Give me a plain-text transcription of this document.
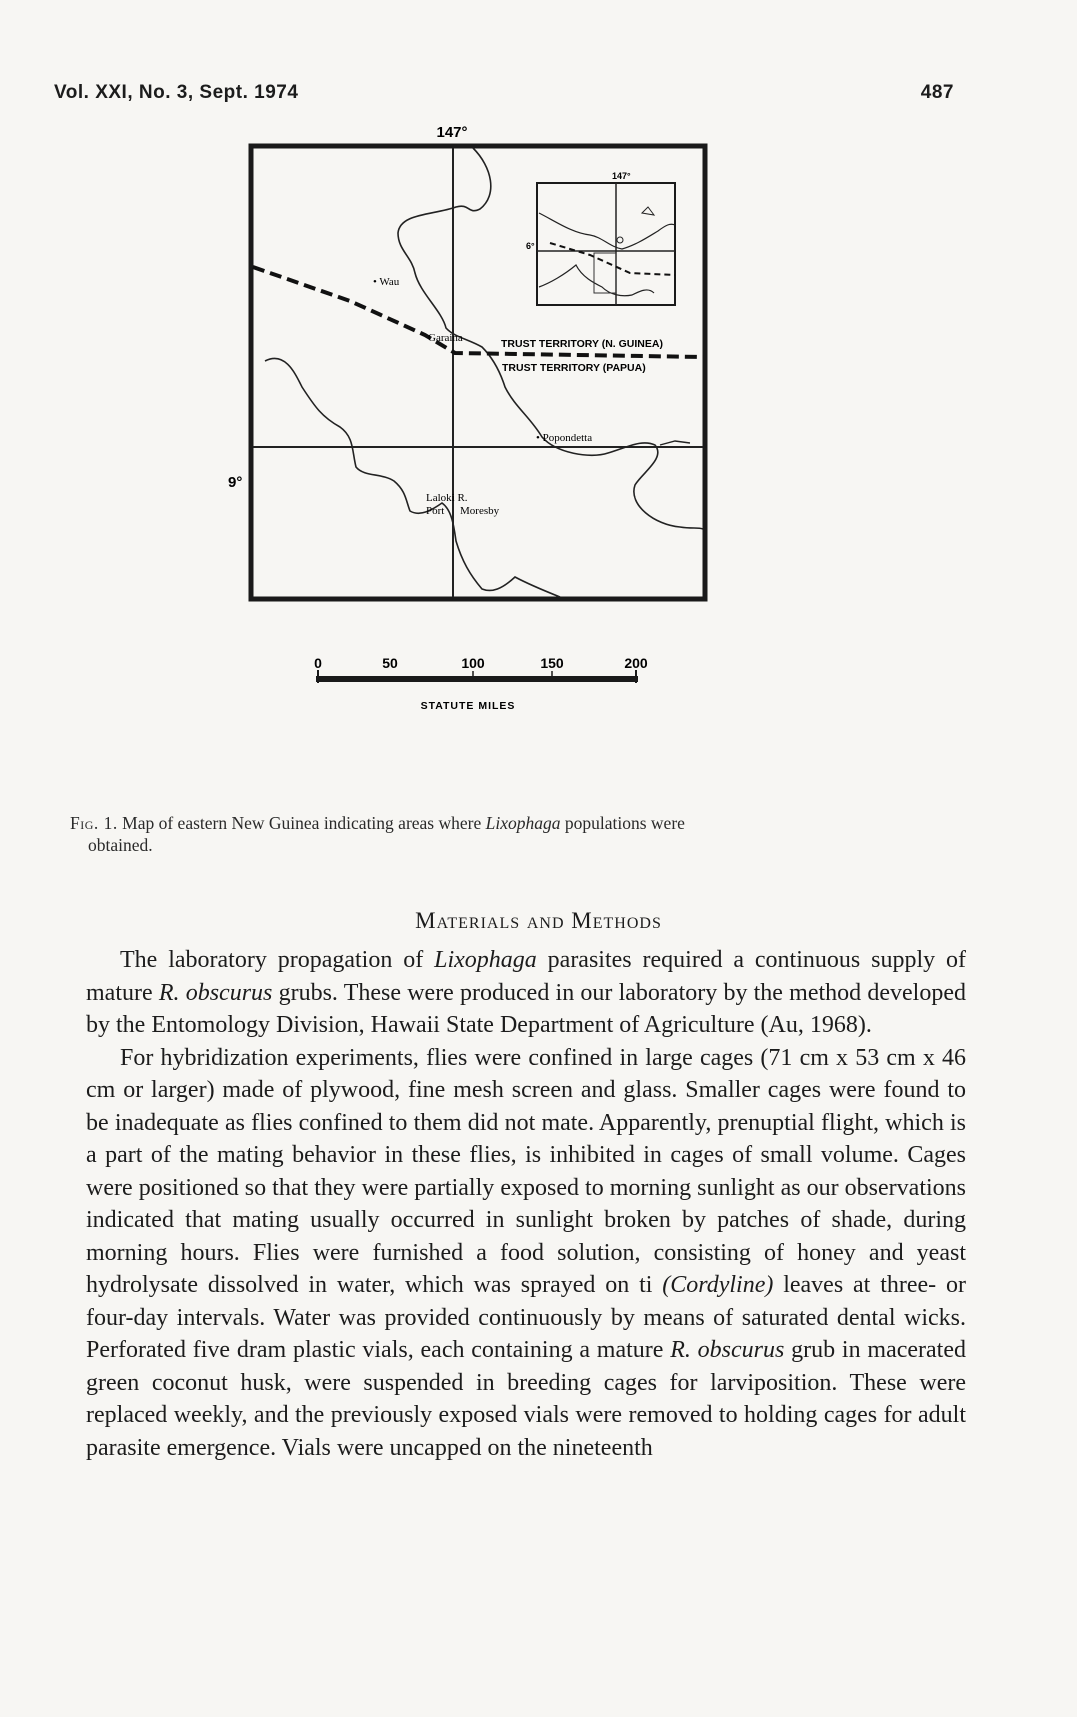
Vol. XXI, No. 3, Sept. 1974	487
147°
9°
• Wau
Garaina	TRUST TERRITORY (N. GUINEA)
TRUST TERRITORY (PAPUA)
• Popondetta
Laloki R.
Port Moresby
147°
6°
0	50	100	150	200
STATUTE MILES
Fig. 1. Map of eastern New Guinea indicating areas where Lixophaga populations were
obtained.
Materials and Methods

The laboratory propagation of Lixophaga parasites required a continuous supply of mature R. obscurus grubs. These were produced in our laboratory by the method developed by the Entomology Division, Hawaii State Department of Agriculture (Au, 1968).

For hybridization experiments, flies were confined in large cages (71 cm x 53 cm x 46 cm or larger) made of plywood, fine mesh screen and glass. Smaller cages were found to be inadequate as flies confined to them did not mate. Apparently, prenuptial flight, which is a part of the mating behavior in these flies, is inhibited in cages of small volume. Cages were positioned so that they were partially exposed to morning sunlight as our observations indicated that mating usually occurred in sunlight broken by patches of shade, during morning hours. Flies were furnished a food solution, consisting of honey and yeast hydrolysate dissolved in water, which was sprayed on ti (Cordyline) leaves at three- or four-day intervals. Water was provided continuously by means of saturated dental wicks. Perforated five dram plastic vials, each containing a mature R. obscurus grub in macerated green coconut husk, were suspended in breeding cages for larviposition. These were replaced weekly, and the previously exposed vials were removed to holding cages for adult parasite emergence. Vials were uncapped on the nineteenth
